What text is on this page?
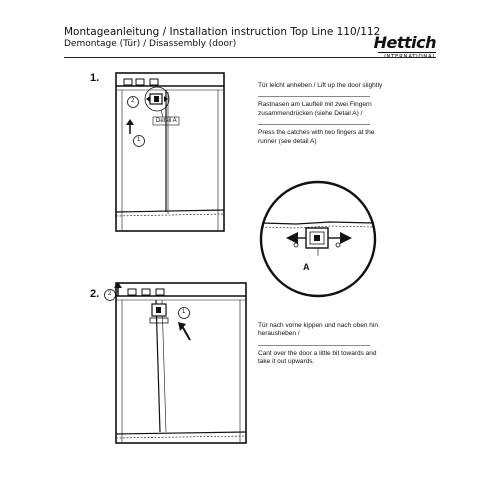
Montageanleitung / Installation instruction Top Line 110/112
Demontage (Tür) / Disassembly (door)	Hettich
INTERNATIONAL
1.
Detail A
1
2

Tür leicht anheben / Lift up the door slightly

Rastnasen am Laufteil mit zwei Fingern zusammendrücken (siehe Detail A) /

Press the catches with two fingers at the runner (see detail A)

A
2. 2
1

Tür nach vorne kippen und nach oben hin herausheben /

Cant over the door a little bit towards and take it out upwards.
